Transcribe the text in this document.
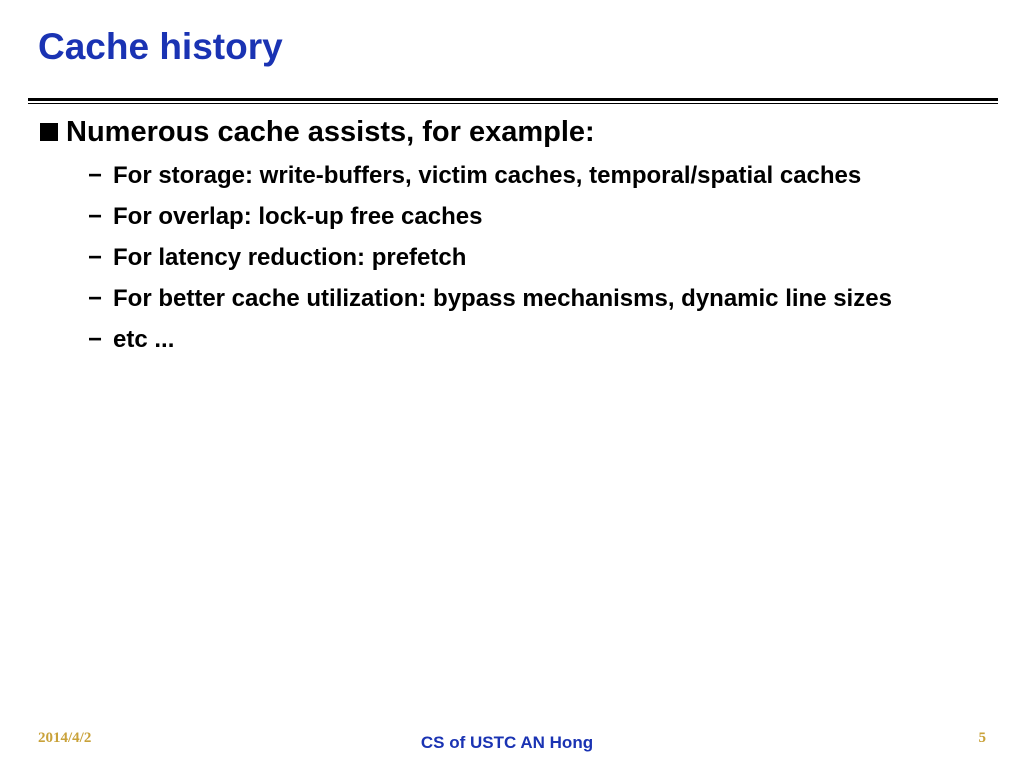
Cache history
Numerous cache assists, for example:
− For storage: write-buffers, victim caches, temporal/spatial caches
− For overlap: lock-up free caches
− For latency reduction: prefetch
− For better cache utilization: bypass mechanisms, dynamic line sizes
− etc ...
2014/4/2	CS of USTC AN Hong	5
